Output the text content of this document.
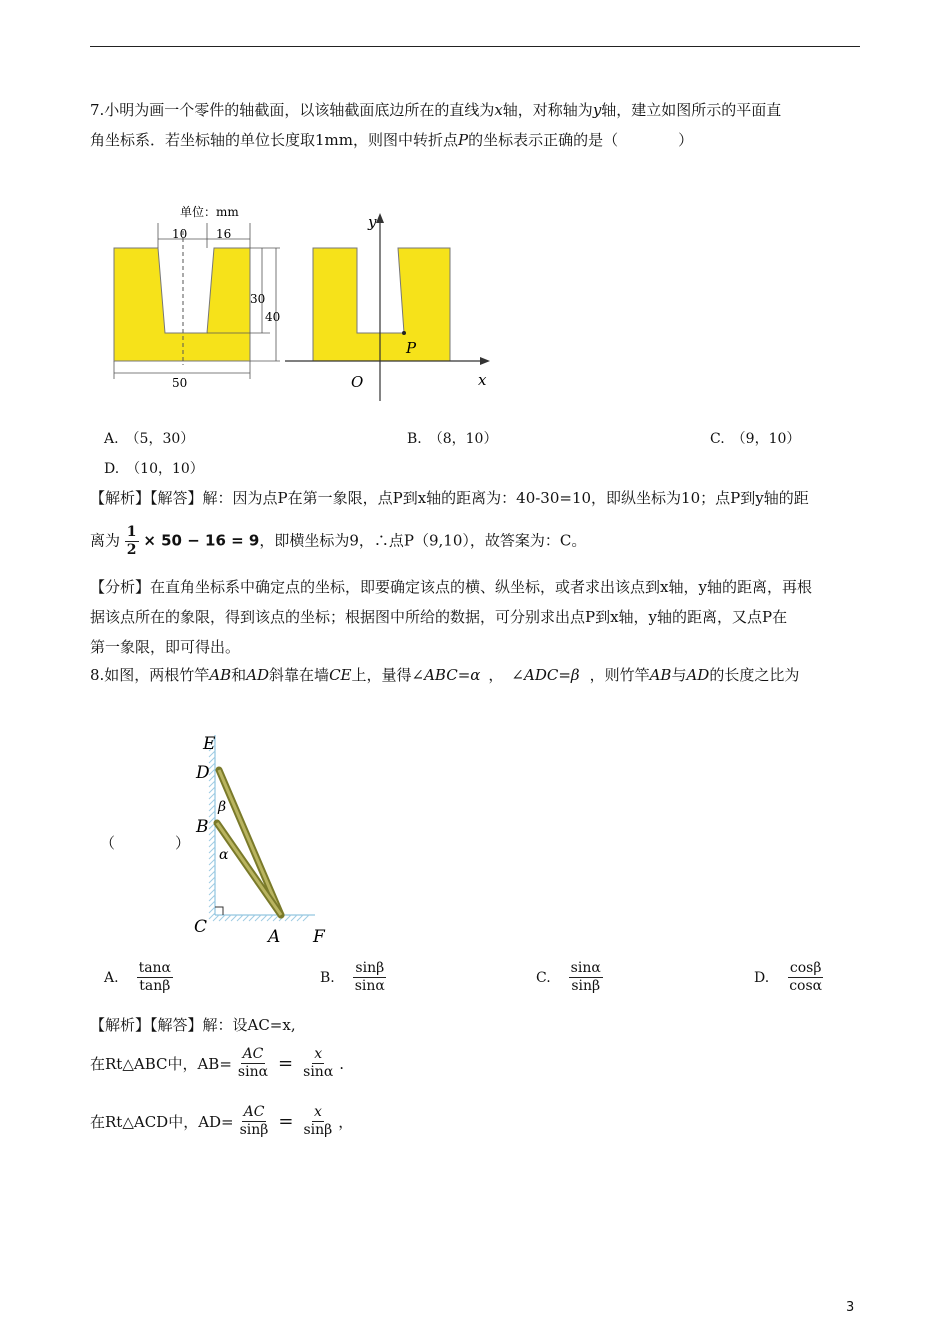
7.小明为画一个零件的轴截面，以该轴截面底边所在的直线为x轴，对称轴为y轴，建立如图所示的平面直
角坐标系．若坐标轴的单位长度取1mm，则图中转折点P的坐标表示正确的是（　　　　）
单位：mm
10 16
30
40
50
y
x
O
P
A.　（5，30）	B.　（8，10）	C.　（9，10）
D.　（10，10）
【解析】【解答】解：因为点P在第一象限，点P到x轴的距离为：40-30=10，即纵坐标为10；点P到y轴的距
离为 $\frac{1}{2} \times 50 - 16 = 9$，即横坐标为9，∴点P（9,10），故答案为：C。
【分析】在直角坐标系中确定点的坐标，即要确定该点的横、纵坐标，或者求出该点到x轴，y轴的距离，再根
据该点所在的象限，得到该点的坐标；根据图中所给的数据，可分别求出点P到x轴，y轴的距离，又点P在
第一象限，即可得出。
8.如图，两根竹竿AB和AD斜靠在墙CE上，量得∠ABC=α ， ∠ADC=β ，则竹竿AB与AD的长度之比为
（　　　　）
E
D
B
C	A F
β
α
A. $\frac{\tan\alpha}{\tan\beta}$	B. $\frac{\sin\beta}{\sin\alpha}$	C. $\frac{\sin\alpha}{\sin\beta}$	D. $\frac{\cos\beta}{\cos\alpha}$
【解析】【解答】解：设AC=x,
在Rt△ABC中，$AB= \frac{AC}{\sin\alpha} = \frac{x}{\sin\alpha}$ .
在Rt△ACD中，$AD= \frac{AC}{\sin\beta} = \frac{x}{\sin\beta}$ ，
3
